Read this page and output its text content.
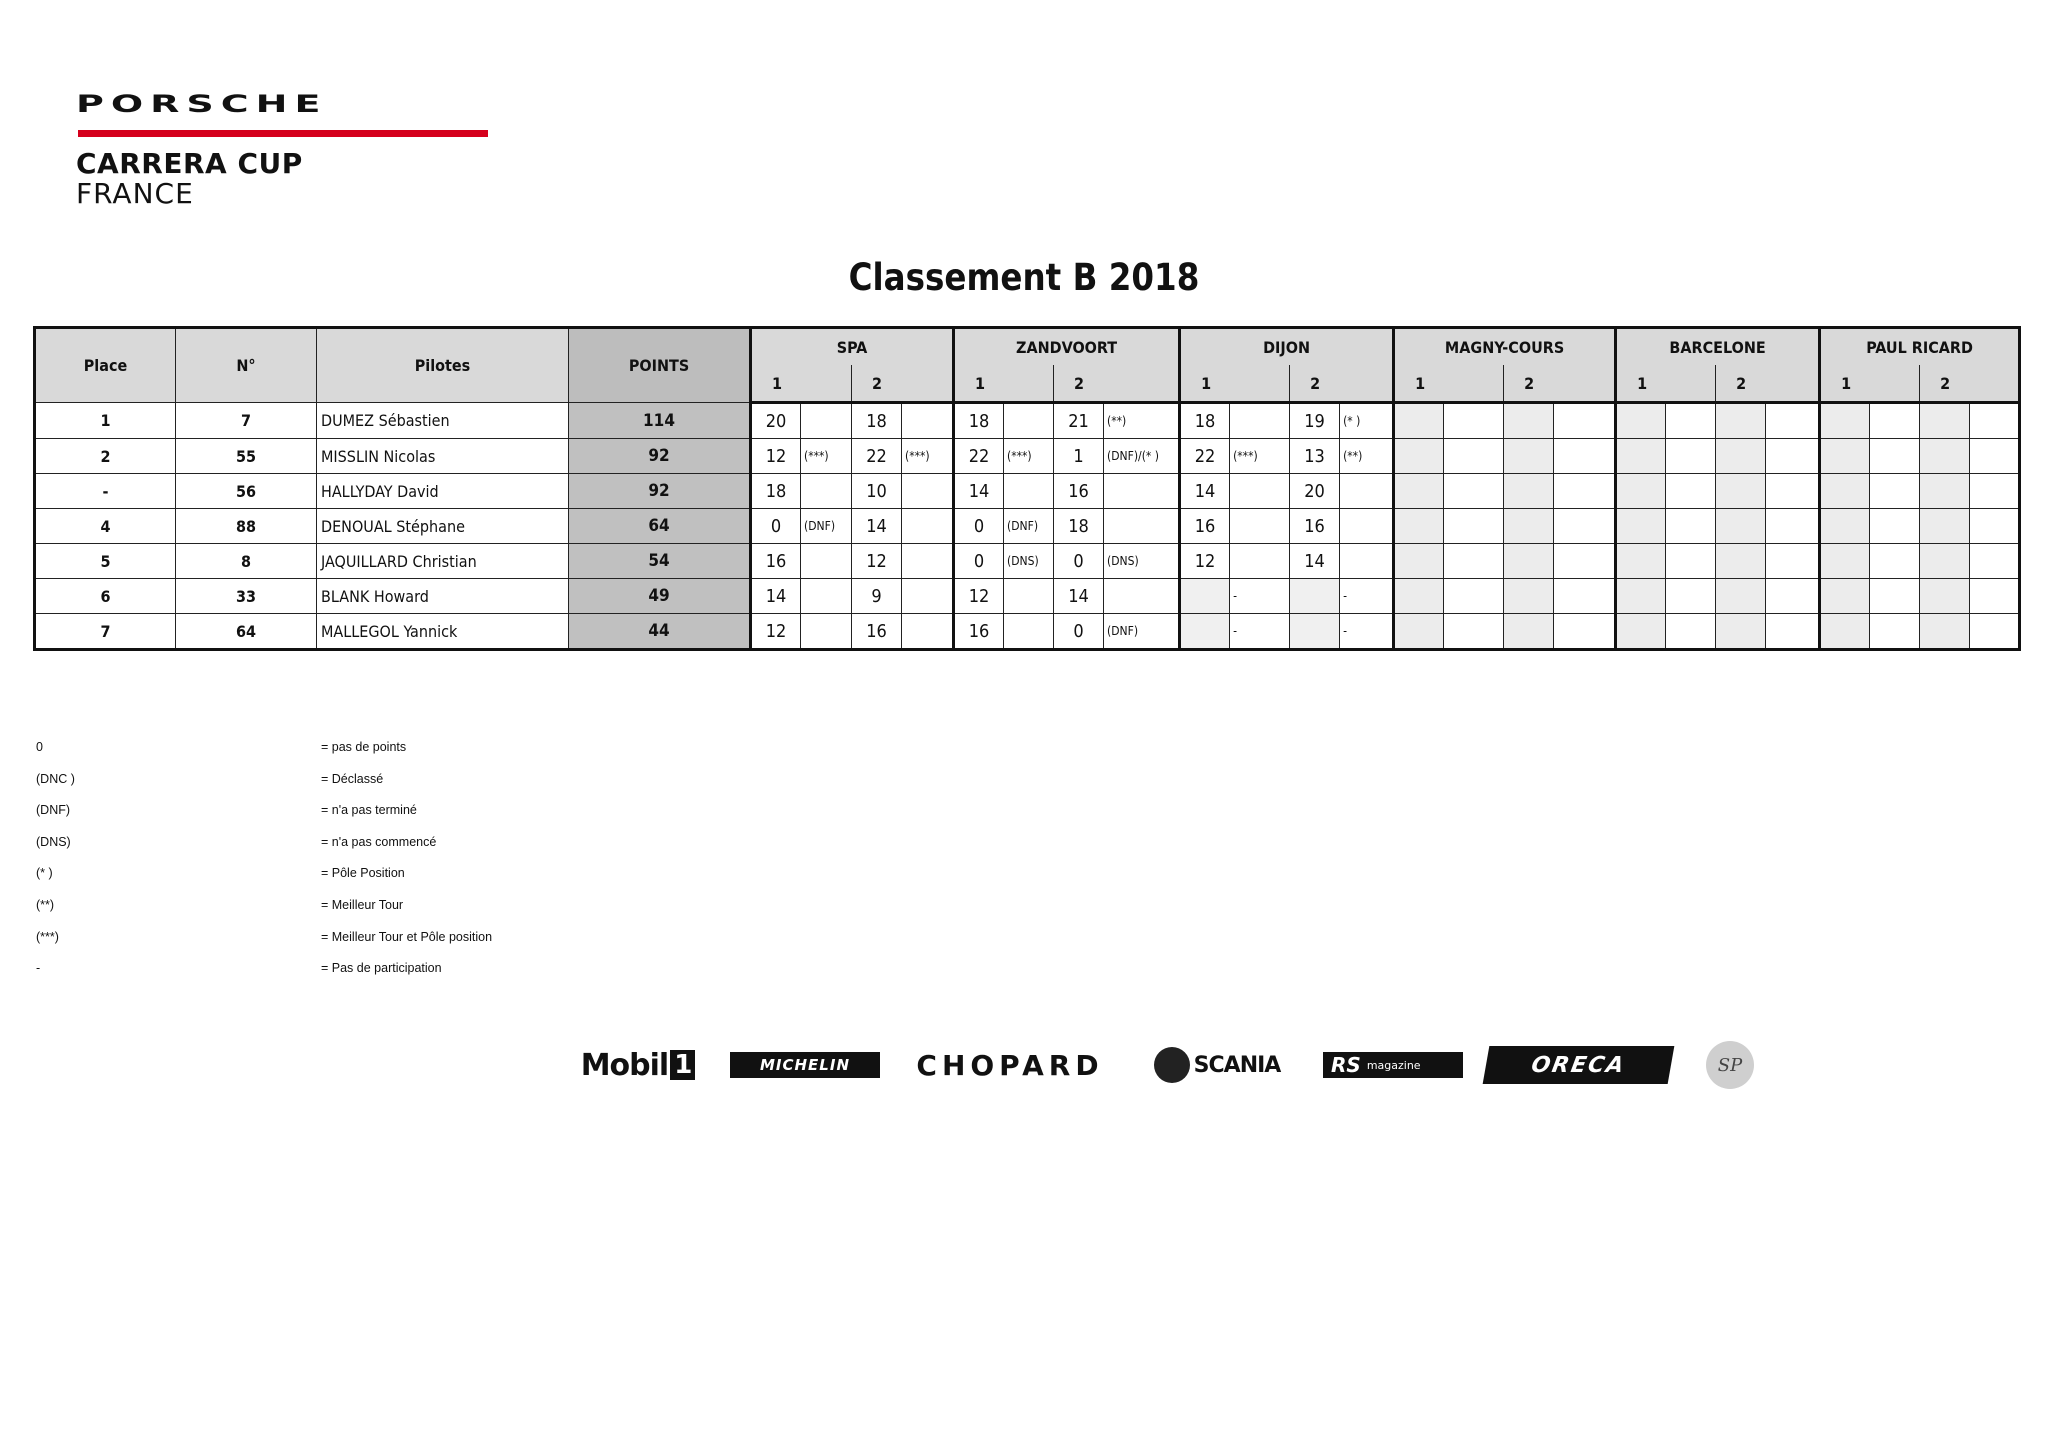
PORSCHE
CARRERA CUP
FRANCE
Classement B 2018
Place	N°	Pilotes	POINTS	SPA				ZANDVOORT				DIJON				MAGNY-COURS				BARCELONE				PAUL RICARD			
				1		2		1		2		1		2		1		2		1		2		1		2	
1	7	DUMEZ Sébastien	114	20		18		18		21	(**)	18		19	(* )												
2	55	MISSLIN Nicolas	92	12	(***)	22	(***)	22	(***)	1	(DNF)/(* )	22	(***)	13	(**)												
-	56	HALLYDAY David	92	18		10		14		16		14		20													
4	88	DENOUAL Stéphane	64	0	(DNF)	14		0	(DNF)	18		16		16													
5	8	JAQUILLARD Christian	54	16		12		0	(DNS)	0	(DNS)	12		14													
6	33	BLANK Howard	49	14		9		12		14			-		-												
7	64	MALLEGOL Yannick	44	12		16		16		0	(DNF)		-		-												
0	= pas de points
(DNC )	= Déclassé
(DNF)	= n'a pas terminé
(DNS)	= n'a pas commencé
(* )	= Pôle Position
(**)	= Meilleur Tour
(***)	= Meilleur Tour et Pôle position
-	= Pas de participation
Mobil 1	MICHELIN	CHOPARD	SCANIA	RS magazine	ORECA	SP
